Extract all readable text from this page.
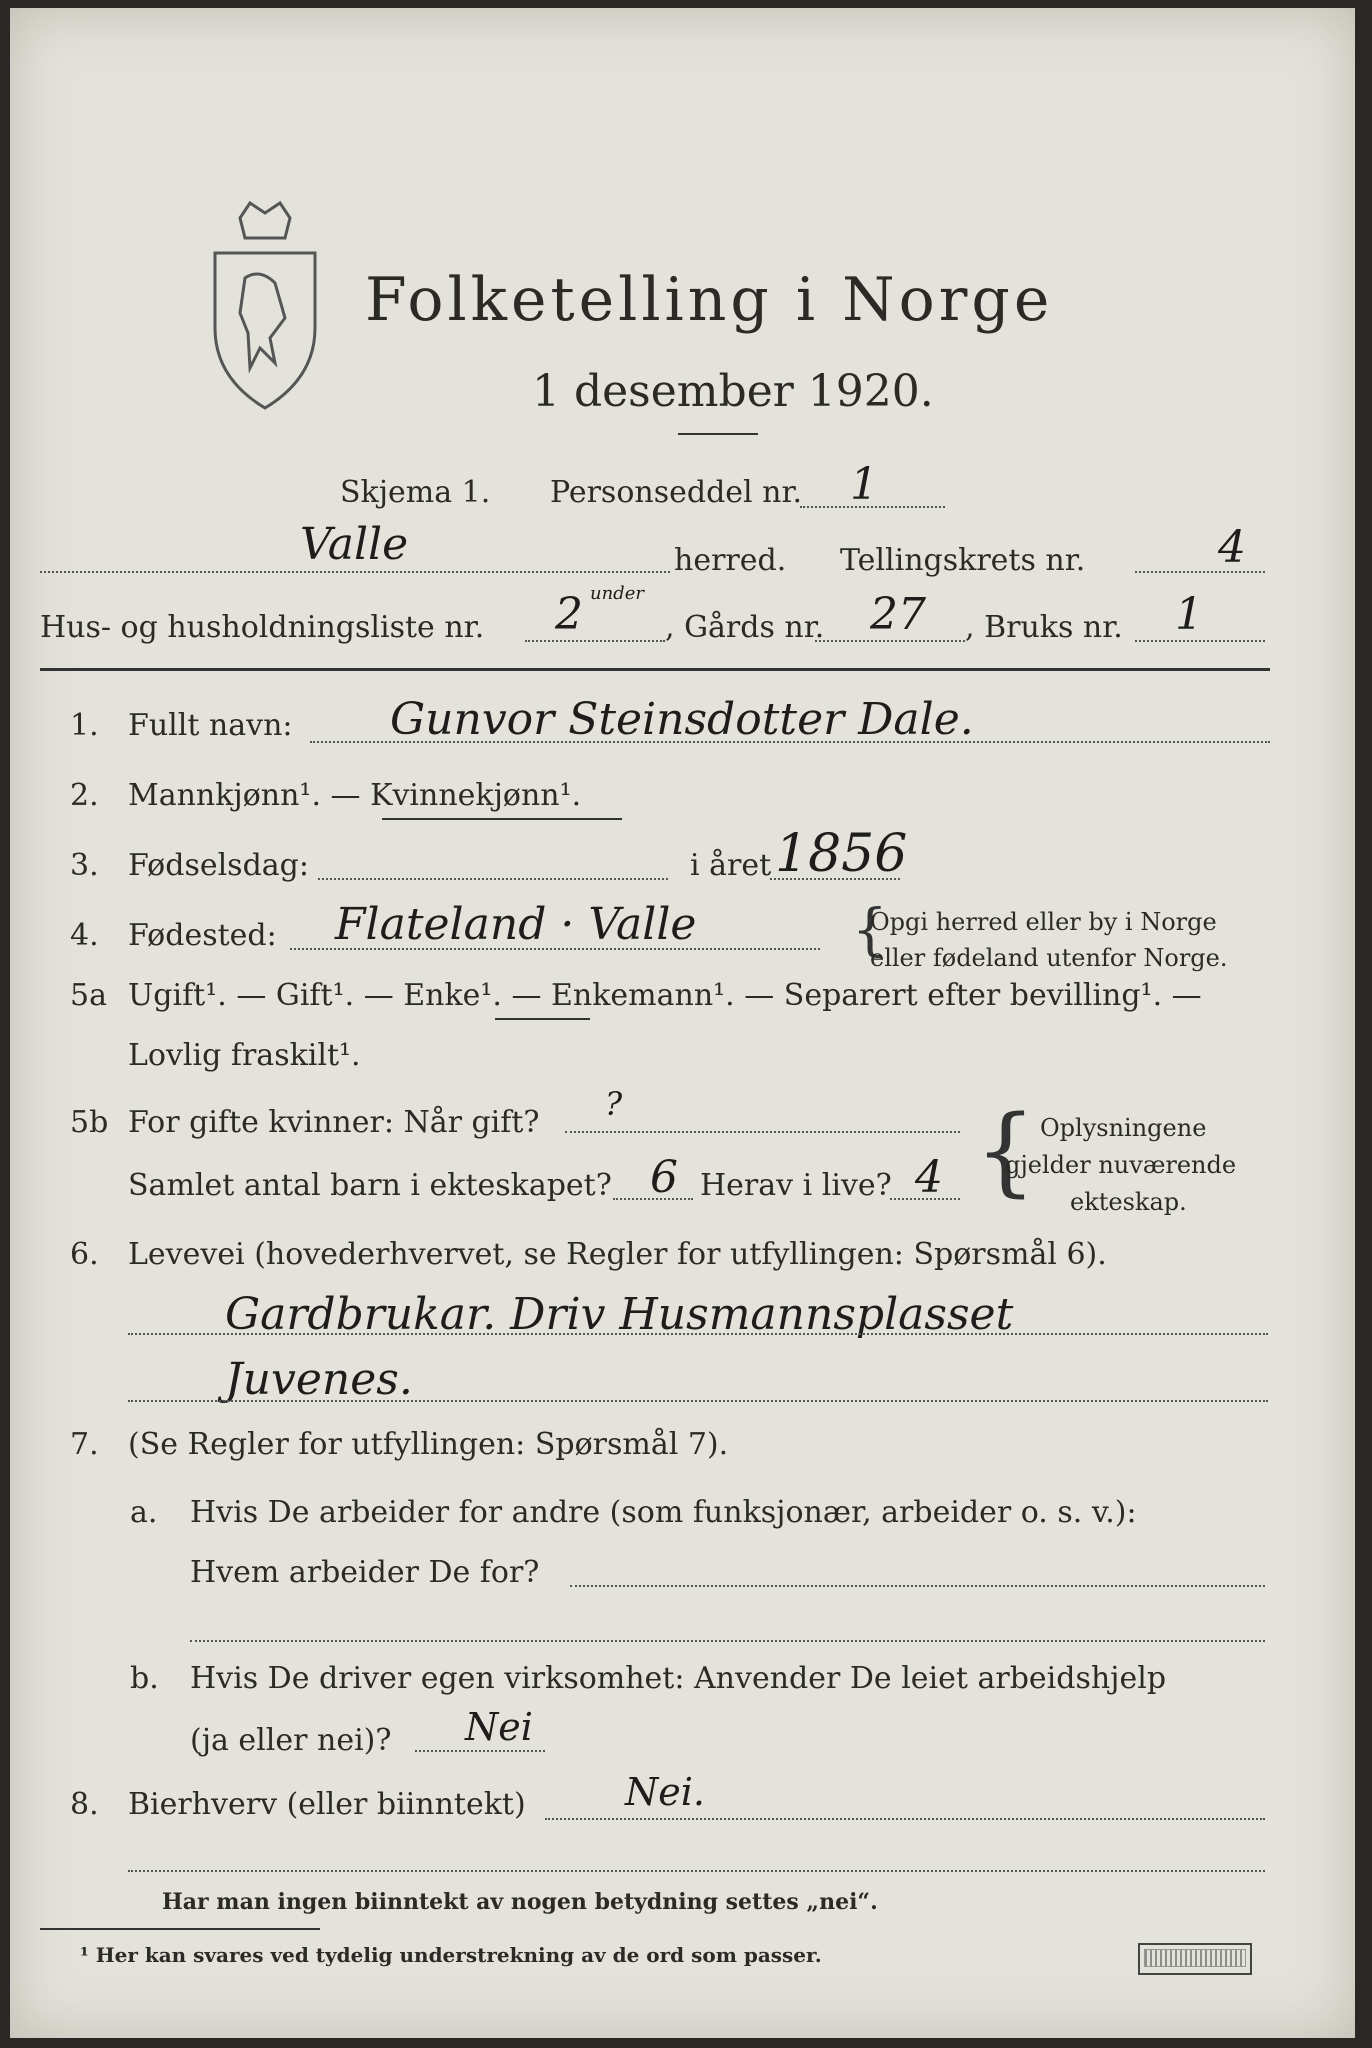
Folketelling i Norge
1 desember 1920.
Skjema 1. Personseddel nr. 1
Valle	herred. Tellingskrets nr.	4
Hus- og husholdningsliste nr. 2 under
, Gårds nr. 27 , Bruks nr. 1
1. Fullt navn: Gunvor Steinsdotter Dale.
2. Mannkjønn¹. — Kvinnekjønn¹.
3. Fødselsdag:	i året 1856
4. Fødested: Flateland · Valle	{
Opgi herred eller by i Norge
eller fødeland utenfor Norge.
5a Ugift¹. — Gift¹. — Enke¹. — Enkemann¹. — Separert efter bevilling¹. —
Lovlig fraskilt¹.
5b For gifte kvinner: Når gift? ?
Samlet antal barn i ekteskapet? 6 Herav i live? 4 { Oplysningene
gjelder nuværende
ekteskap.
6. Levevei (hovederhvervet, se Regler for utfyllingen: Spørsmål 6).
Gardbrukar. Driv Husmannsplasset
Juvenes.
7. (Se Regler for utfyllingen: Spørsmål 7).
a. Hvis De arbeider for andre (som funksjonær, arbeider o. s. v.):
Hvem arbeider De for?
b. Hvis De driver egen virksomhet: Anvender De leiet arbeidshjelp
(ja eller nei)? Nei
8. Bierhverv (eller biinntekt)	Nei.
Har man ingen biinntekt av nogen betydning settes „nei“.
¹ Her kan svares ved tydelig understrekning av de ord som passer.
